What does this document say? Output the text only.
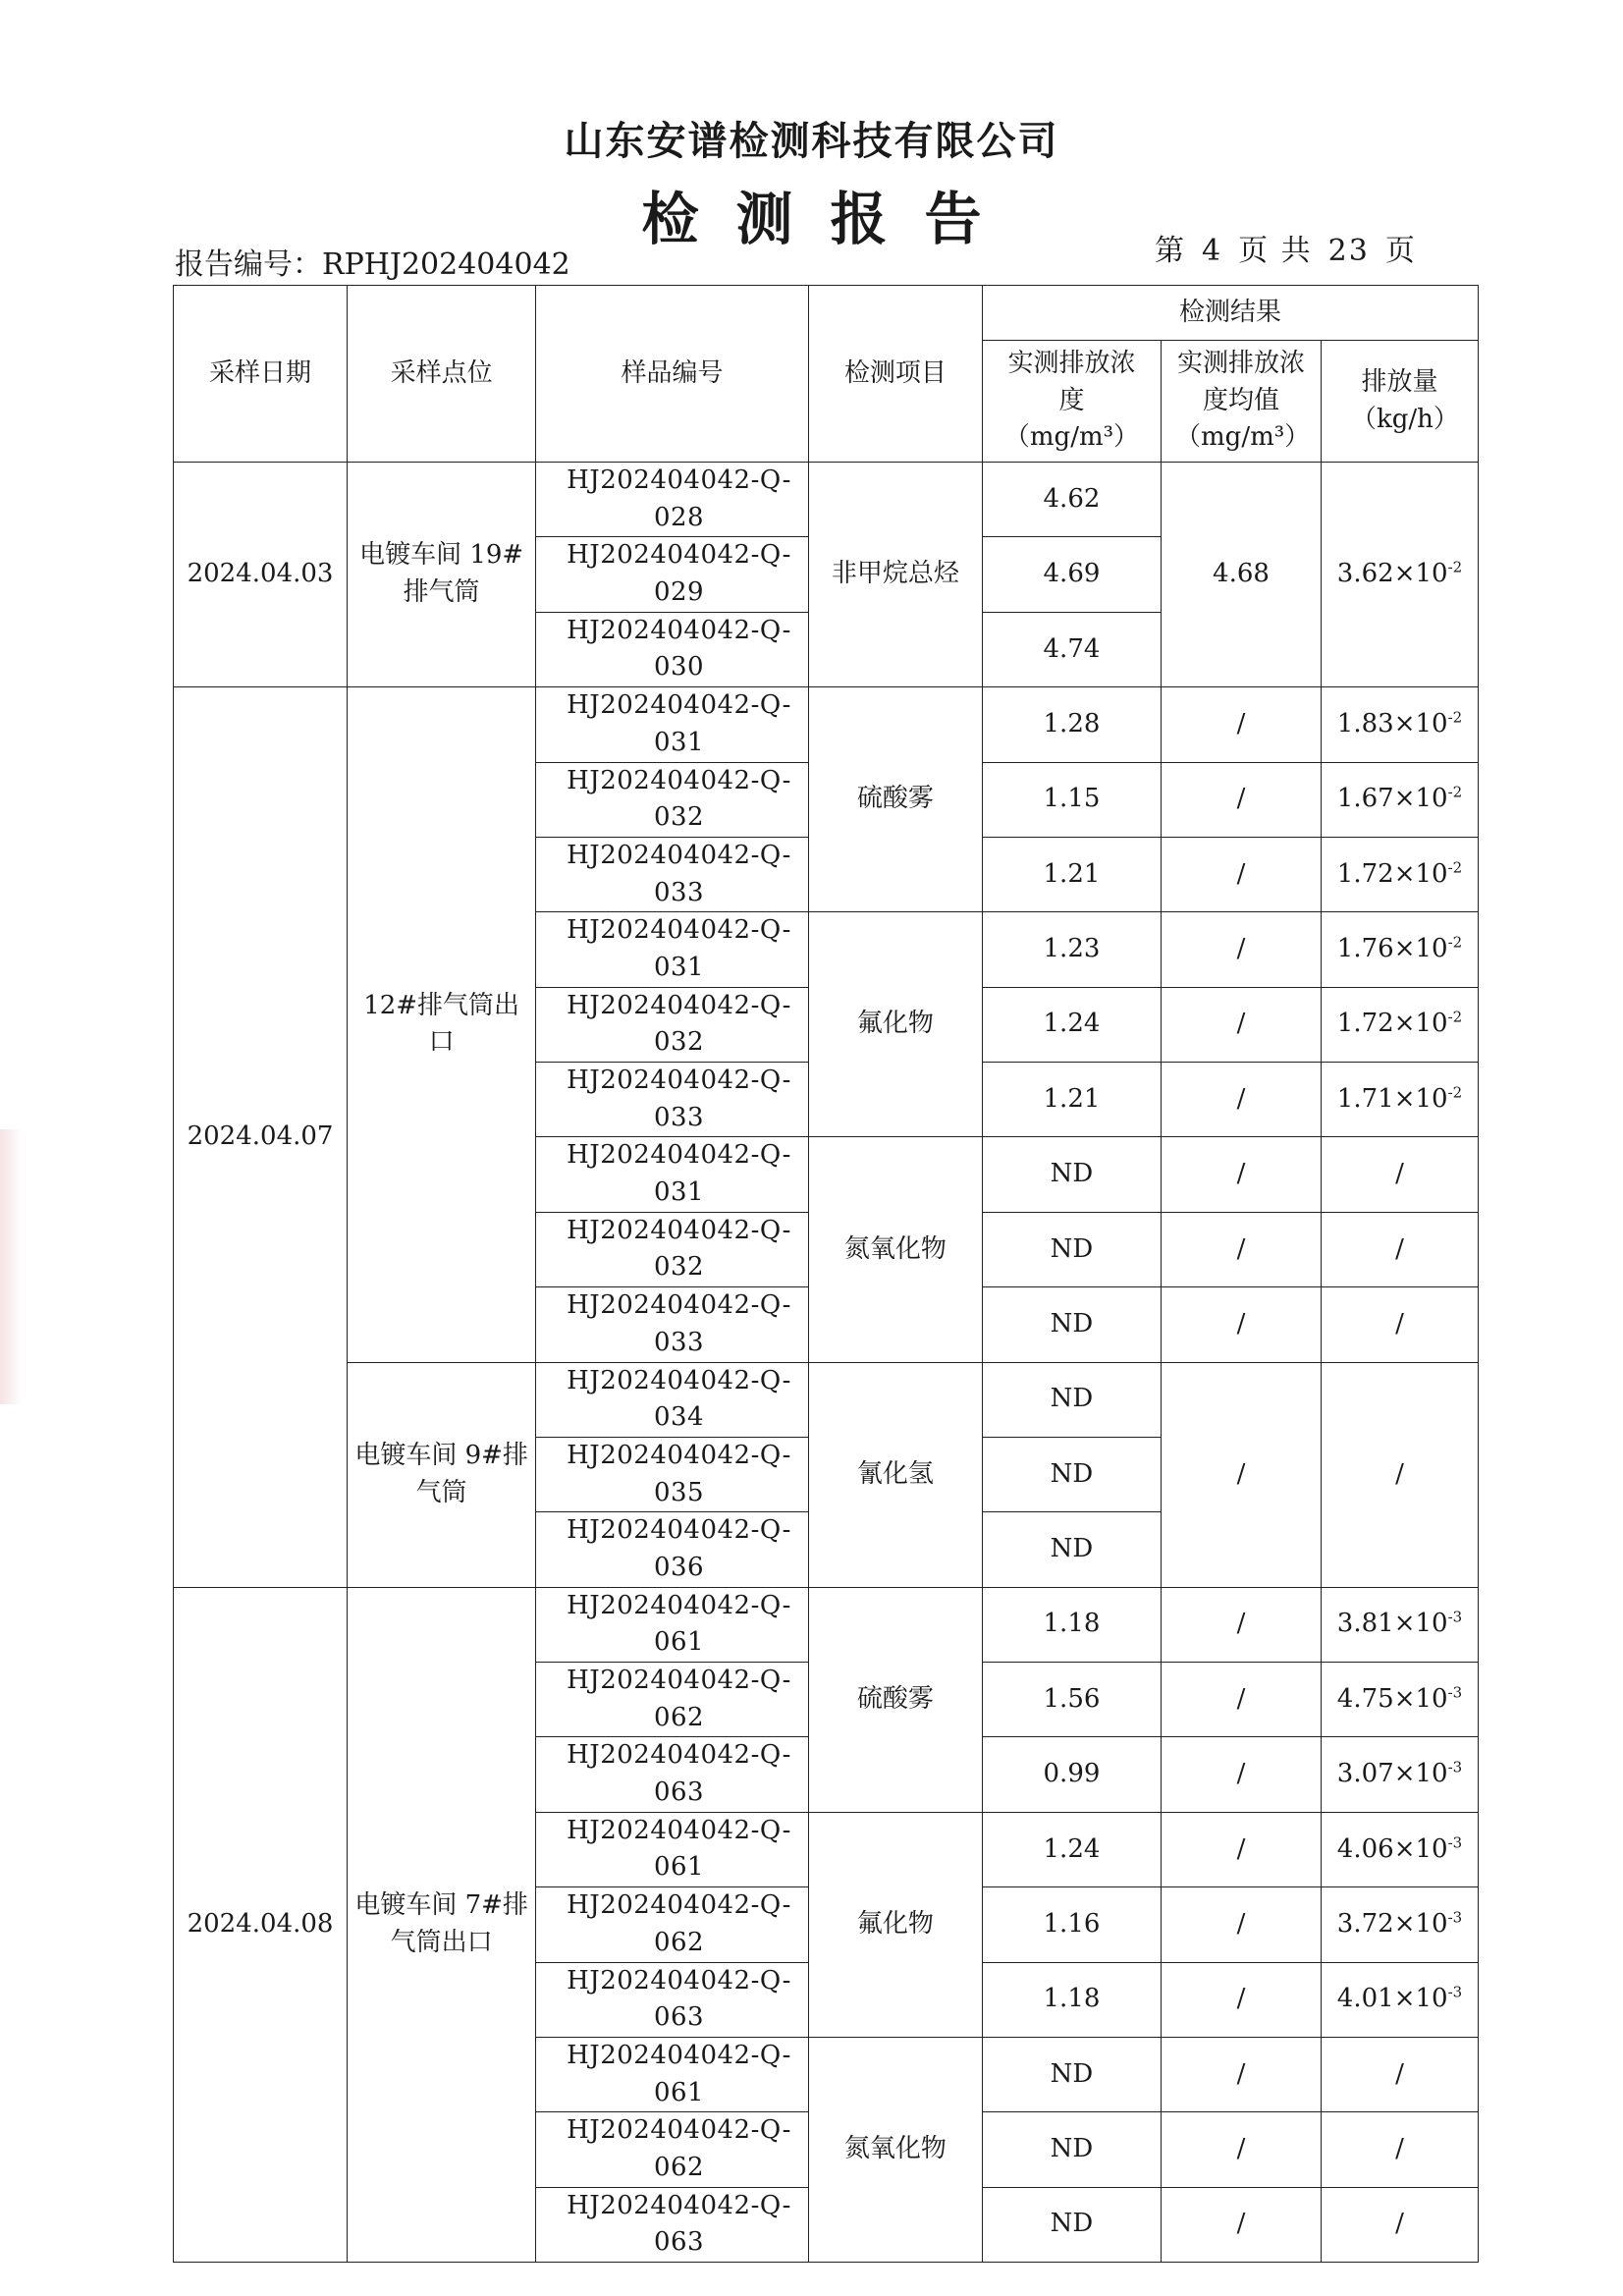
山东安谱检测科技有限公司
检测报告
报告编号：RPHJ202404042	第 4 页 共 23 页
采样日期	采样点位	样品编号	检测项目	检测结果		
				实测排放浓度（mg/m³）	实测排放浓度均值（mg/m³）	排放量（kg/h）
2024.04.03	电镀车间 19#排气筒	HJ202404042-Q-028	非甲烷总烃	4.62	4.68	$3.62\times 10^{-2}$
		HJ202404042-Q-029		4.69		
		HJ202404042-Q-030		4.74		
2024.04.07	12#排气筒出口	HJ202404042-Q-031	硫酸雾	1.28	/	$1.83\times 10^{-2}$
		HJ202404042-Q-032		1.15	/	$1.67\times 10^{-2}$
		HJ202404042-Q-033		1.21	/	$1.72\times 10^{-2}$
		HJ202404042-Q-031	氟化物	1.23	/	$1.76\times 10^{-2}$
		HJ202404042-Q-032		1.24	/	$1.72\times 10^{-2}$
		HJ202404042-Q-033		1.21	/	$1.71\times 10^{-2}$
		HJ202404042-Q-031	氮氧化物	ND	/	/
		HJ202404042-Q-032		ND	/	/
		HJ202404042-Q-033		ND	/	/
	电镀车间 9#排气筒	HJ202404042-Q-034	氰化氢	ND	/	/
		HJ202404042-Q-035		ND		
		HJ202404042-Q-036		ND		
2024.04.08	电镀车间 7#排气筒出口	HJ202404042-Q-061	硫酸雾	1.18	/	$3.81\times 10^{-3}$
		HJ202404042-Q-062		1.56	/	$4.75\times 10^{-3}$
		HJ202404042-Q-063		0.99	/	$3.07\times 10^{-3}$
		HJ202404042-Q-061	氟化物	1.24	/	$4.06\times 10^{-3}$
		HJ202404042-Q-062		1.16	/	$3.72\times 10^{-3}$
		HJ202404042-Q-063		1.18	/	$4.01\times 10^{-3}$
		HJ202404042-Q-061	氮氧化物	ND	/	/
		HJ202404042-Q-062		ND	/	/
		HJ202404042-Q-063		ND	/	/
